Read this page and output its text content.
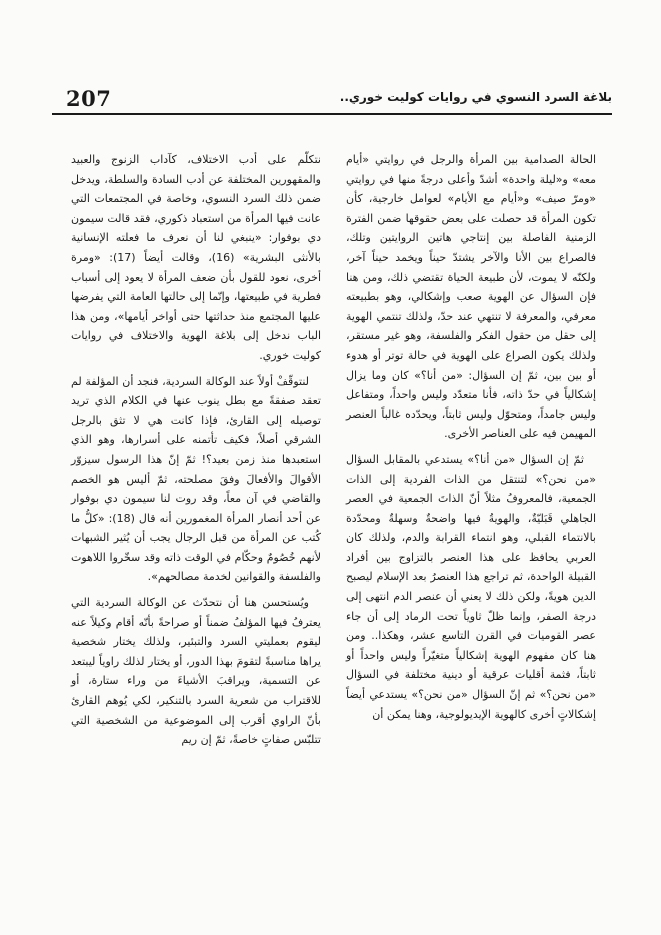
207	بلاغة السرد النسوي في روايات كوليت خوري..

الحالة الصدامية بين المرأة والرجل في روايتي «أيام معه» و«ليلة واحدة» أشدّ وأعلى درجةً منها في روايتي «ومرّ صيف» و«أيام مع الأيام» لعوامل خارجية، كأن تكون المرأة قد حصلت على بعض حقوقها ضمن الفترة الزمنية الفاصلة بين إنتاجي هاتين الروايتين وتلك، فالصراع بين الأنا والآخر يشتدّ حيناً ويخمد حيناً آخر، ولكنّه لا يموت، لأن طبيعة الحياة تقتضي ذلك، ومن هنا فإن السؤال عن الهوية صعب وإشكالي، وهو بطبيعته معرفي، والمعرفة لا تنتهي عند حدّ، ولذلك تنتمي الهوية إلى حقل من حقول الفكر والفلسفة، وهو غير مستقر، ولذلك يكون الصراع على الهوية في حالة توتر أو هدوء أو بين بين، ثمّ إن السؤال: «من أنا؟» كان وما يزال إشكالياً في حدّ ذاته، فأنا متعدّد وليس واحداً، ومتفاعل وليس جامداً، ومتحوّل وليس ثابتاً، ويحدّده غالباً العنصر المهيمن فيه على العناصر الأخرى.

ثمّ إن السؤال «من أنا؟» يستدعي بالمقابل السؤال «من نحن؟» لتنتقل من الذات الفردية إلى الذات الجمعية، فالمعروفُ مثلاً أنّ الذاتَ الجمعية في العصر الجاهلي قَبَليّةٌ، والهويةُ فيها واضحةٌ وسهلةٌ ومحدّدة بالانتماء القبلي، وهو انتماء القرابة والدم، ولذلك كان العربي يحافظ على هذا العنصر بالتزاوج بين أفراد القبيلة الواحدة، ثم تراجع هذا العنصرُ بعد الإسلام ليصبح الدين هويةً، ولكن ذلك لا يعني أن عنصر الدم انتهى إلى درجة الصفر، وإنما ظلّ ثاوياً تحت الرماد إلى أن جاء عصر القوميات في القرن التاسع عشر، وهكذا.. ومن هنا كان مفهوم الهوية إشكالياً متغيّراً وليس واحداً أو ثابتاً، فثمة أقليات عرقية أو دينية مختلفة في السؤال «من نحن؟» ثم إنّ السؤال «من نحن؟» يستدعي أيضاً إشكالاتٍ أخرى كالهوية الإيديولوجية، وهنا يمكن أن

نتكلّم على أدب الاختلاف، كآداب الزنوج والعبيد والمقهورين المختلفة عن أدب السادة والسلطة، ويدخل ضمن ذلك السرد النسوي، وخاصة في المجتمعات التي عانت فيها المرأة من استعباد ذكوري، فقد قالت سيمون دي بوفوار: «ينبغي لنا أن نعرف ما فعلته الإنسانية بالأنثى البشرية» (16)، وقالت أيضاً (17): «ومرة أخرى، نعود للقول بأن ضعف المرأة لا يعود إلى أسباب فطرية في طبيعتها، وإنّما إلى حالتها العامة التي يفرضها عليها المجتمع منذ حداثتها حتى أواخر أيامها»، ومن هذا الباب ندخل إلى بلاغة الهوية والاختلاف في روايات كوليت خوري.

لنتوقّفْ أولاً عند الوكالة السردية، فنجد أن المؤلفة لم تعقد صفقةً مع بطل ينوب عنها في الكلام الذي تريد توصيله إلى القارئ، فإذا كانت هي لا تثق بالرجل الشرقي أصلاً، فكيف تأتمنه على أسرارها، وهو الذي استعبدها منذ زمن بعيد؟! ثمّ إنّ هذا الرسول سيزوّر الأقوالَ والأفعالَ وفقَ مصلحته، ثمّ أليس هو الخصم والقاضي في آن معاً، وقد روت لنا سيمون دي بوفوار عن أحد أنصار المرأة المغمورين أنه قال (18): «كلُّ ما كُتب عن المرأة من قبل الرجال يجب أن يُثير الشبهات لأنهم خُصُومٌ وحكّام في الوقت ذاته وقد سخّروا اللاهوت والفلسفة والقوانين لخدمة مصالحهم».

ويُستحسن هنا أن نتحدّث عن الوكالة السردية التي يعترفُ فيها المؤلفُ ضمناً أو صراحةً بأنّه أقام وكيلاً عنه ليقوم بعمليتي السرد والتبئير، ولذلك يختار شخصية يراها مناسبةً لتقومَ بهذا الدور، أو يختار لذلك راوياً ليبتعد عن التسمية، ويراقبَ الأشياءَ من وراء ستارة، أو للاقتراب من شعرية السرد بالتنكير، لكي يُوهم القارئ بأنّ الراوي أقرب إلى الموضوعية من الشخصية التي تتلبّس صفاتٍ خاصةً، ثمّ إن ريم
